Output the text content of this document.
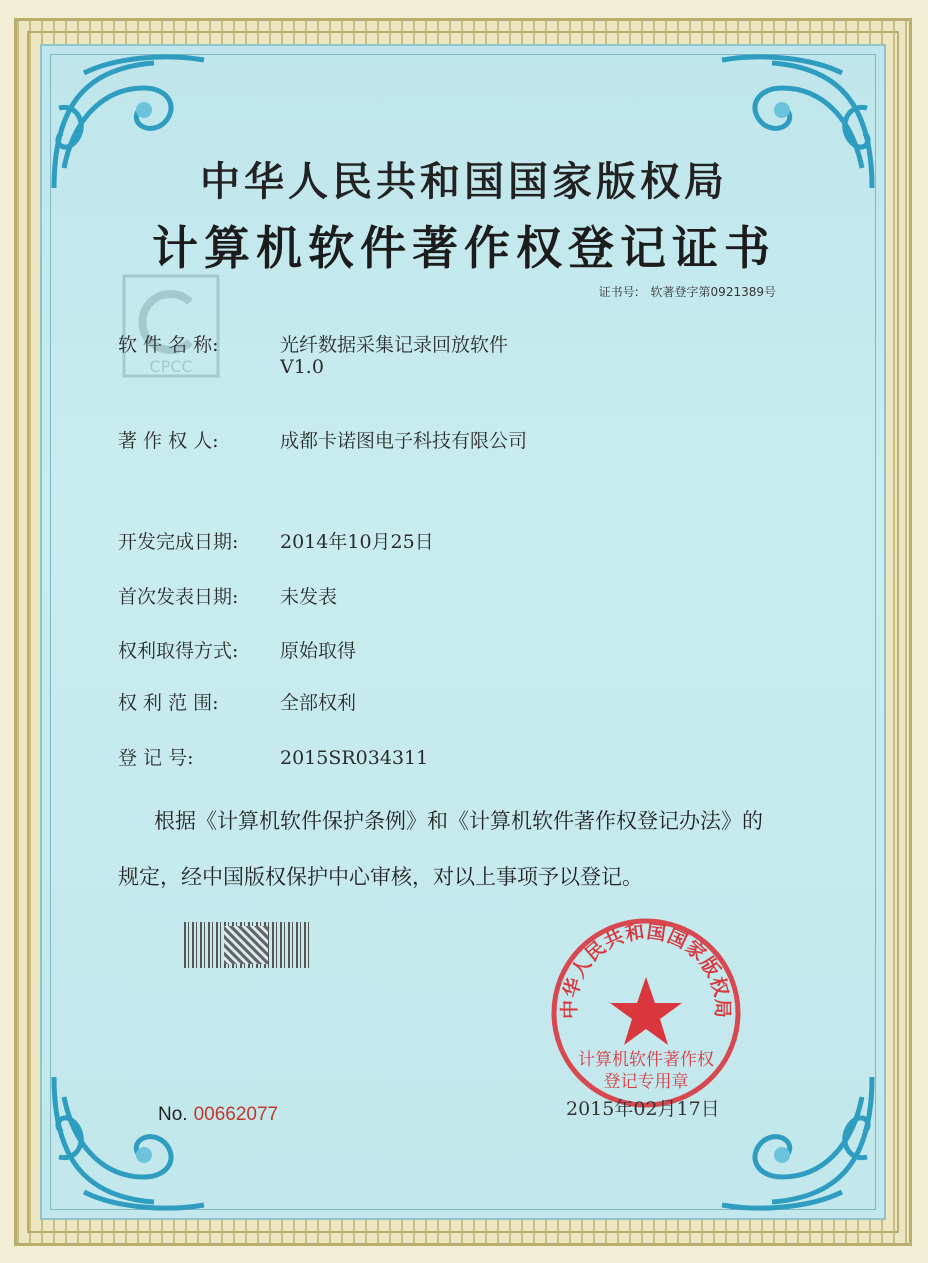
CPCC
中华人民共和国国家版权局
计算机软件著作权登记证书
证书号: 软著登字第0921389号
软 件 名 称:	光纤数据采集记录回放软件
V1.0
著 作 权 人:	成都卡诺图电子科技有限公司
开发完成日期: 2014年10月25日
首次发表日期: 未发表
权利取得方式: 原始取得
权 利 范 围:	全部权利
登 记 号:	2015SR034311
根据《计算机软件保护条例》和《计算机软件著作权登记办法》的
规定，经中国版权保护中心审核，对以上事项予以登记。
中华人民共和国国家版权局
计算机软件著作权
登记专用章
No. 00662077	2015年02月17日
